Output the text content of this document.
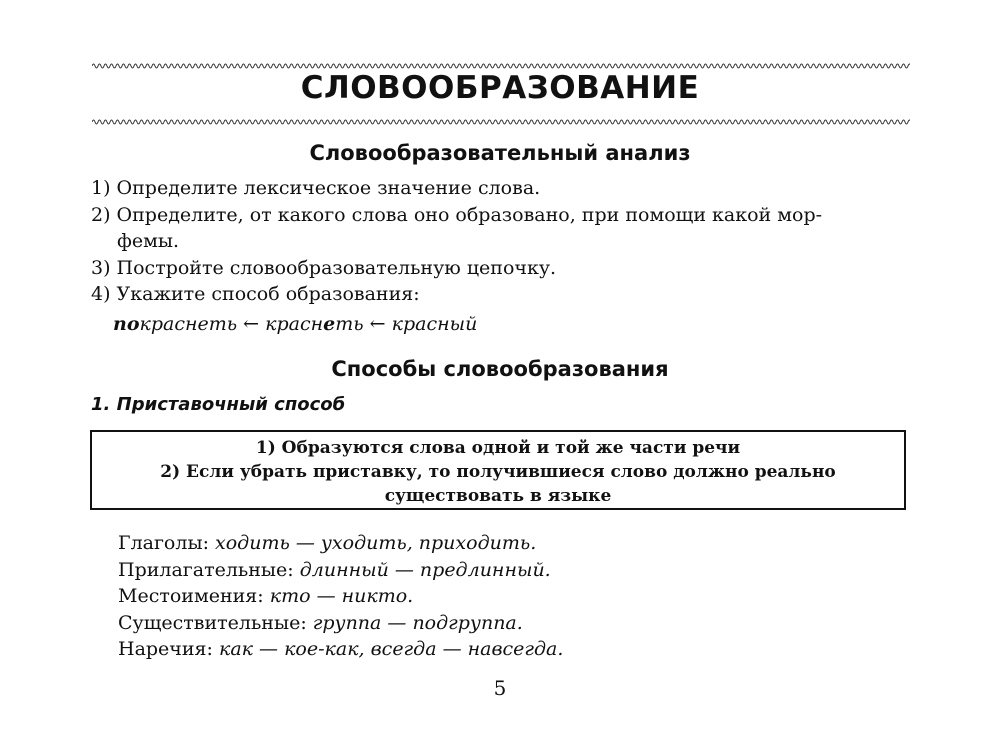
СЛОВООБРАЗОВАНИЕ
Словообразовательный анализ
1) Определите лексическое значение слова.
2) Определите, от какого слова оно образовано, при помощи какой мор-
фемы.
3) Постройте словообразовательную цепочку.
4) Укажите способ образования:
покраснеть ← краснеть ← красный
Способы словообразования
1. Приставочный способ
1) Образуются слова одной и той же части речи
2) Если убрать приставку, то получившиеся слово должно реально
существовать в языке
Глаголы: ходить — уходить, приходить.
Прилагательные: длинный — предлинный.
Местоимения: кто — никто.
Существительные: группа — подгруппа.
Наречия: как — кое-как, всегда — навсегда.
5
